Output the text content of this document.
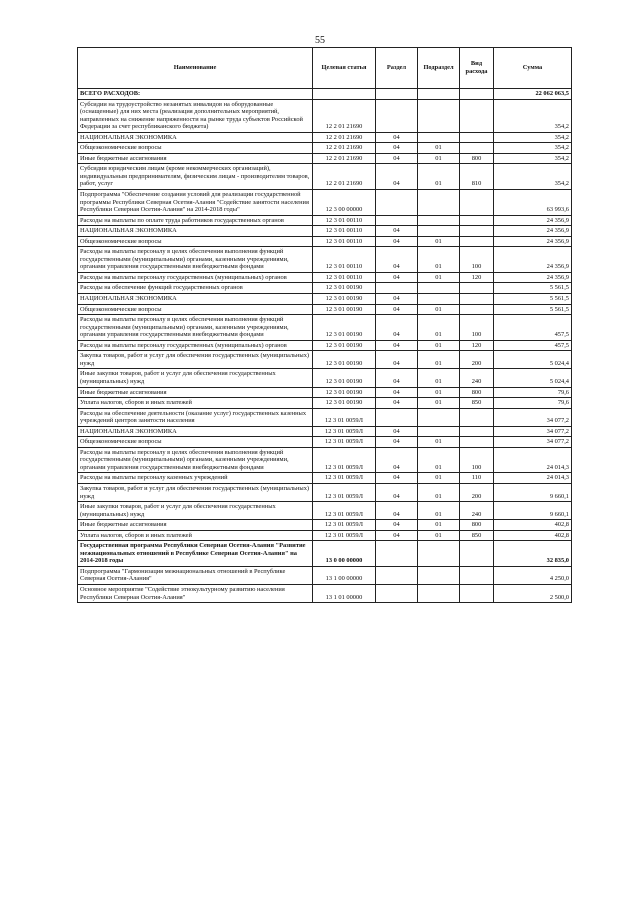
55
Наименование	Целевая статья	Раздел	Подраздел	Вид расхода	Сумма
ВСЕГО РАСХОДОВ:					22 062 063,5
Субсидии на трудоустройство незанятых инвалидов на оборудованные (оснащенные) для них места (реализация дополнительных мероприятий, направленных на снижение напряженности на рынке труда субъектов Российской Федерации за счет республиканского бюджета)	12 2 01 21690				354,2
НАЦИОНАЛЬНАЯ ЭКОНОМИКА	12 2 01 21690	04			354,2
Общеэкономические вопросы	12 2 01 21690	04	01		354,2
Иные бюджетные ассигнования	12 2 01 21690	04	01	800	354,2
Субсидии юридическим лицам (кроме некоммерческих организаций), индивидуальным предпринимателям, физическим лицам - производителям товаров, работ, услуг	12 2 01 21690	04	01	810	354,2
Подпрограмма "Обеспечение создания условий для реализации государственной программы Республики Северная Осетия-Алания "Содействие занятости населения Республики Северная Осетия-Алания" на 2014-2018 годы"	12 3 00 00000				63 993,6
Расходы на выплаты по оплате труда работников государственных органов	12 3 01 00110				24 356,9
НАЦИОНАЛЬНАЯ ЭКОНОМИКА	12 3 01 00110	04			24 356,9
Общеэкономические вопросы	12 3 01 00110	04	01		24 356,9
Расходы на выплаты персоналу в целях обеспечения выполнения функций государственными (муниципальными) органами, казенными учреждениями, органами управления государственными внебюджетными фондами	12 3 01 00110	04	01	100	24 356,9
Расходы на выплаты персоналу государственных (муниципальных) органов	12 3 01 00110	04	01	120	24 356,9
Расходы на обеспечение функций государственных органов	12 3 01 00190				5 561,5
НАЦИОНАЛЬНАЯ ЭКОНОМИКА	12 3 01 00190	04			5 561,5
Общеэкономические вопросы	12 3 01 00190	04	01		5 561,5
Расходы на выплаты персоналу в целях обеспечения выполнения функций государственными (муниципальными) органами, казенными учреждениями, органами управления государственными внебюджетными фондами	12 3 01 00190	04	01	100	457,5
Расходы на выплаты персоналу государственных (муниципальных) органов	12 3 01 00190	04	01	120	457,5
Закупка товаров, работ и услуг для обеспечения государственных (муниципальных) нужд	12 3 01 00190	04	01	200	5 024,4
Иные закупки товаров, работ и услуг для обеспечения государственных (муниципальных) нужд	12 3 01 00190	04	01	240	5 024,4
Иные бюджетные ассигнования	12 3 01 00190	04	01	800	79,6
Уплата налогов, сборов и иных платежей	12 3 01 00190	04	01	850	79,6
Расходы на обеспечение деятельности (оказание услуг) государственных казенных учреждений центров занятости населения	12 3 01 0059Л				34 077,2
НАЦИОНАЛЬНАЯ ЭКОНОМИКА	12 3 01 0059Л	04			34 077,2
Общеэкономические вопросы	12 3 01 0059Л	04	01		34 077,2
Расходы на выплаты персоналу в целях обеспечения выполнения функций государственными (муниципальными) органами, казенными учреждениями, органами управления государственными внебюджетными фондами	12 3 01 0059Л	04	01	100	24 014,3
Расходы на выплаты персоналу казенных учреждений	12 3 01 0059Л	04	01	110	24 014,3
Закупка товаров, работ и услуг для обеспечения государственных (муниципальных) нужд	12 3 01 0059Л	04	01	200	9 660,1
Иные закупки товаров, работ и услуг для обеспечения государственных (муниципальных) нужд	12 3 01 0059Л	04	01	240	9 660,1
Иные бюджетные ассигнования	12 3 01 0059Л	04	01	800	402,8
Уплата налогов, сборов и иных платежей	12 3 01 0059Л	04	01	850	402,8
Государственная программа Республики Северная Осетия-Алания "Развитие межнациональных отношений в Республике Северная Осетия-Алания" на 2014-2018 годы	13 0 00 00000				32 835,0
Подпрограмма "Гармонизация межнациональных отношений в Республике Северная Осетия-Алания"	13 1 00 00000				4 250,0
Основное мероприятие "Содействие этнокультурному развитию населения Республики Северная Осетия-Алания"	13 1 01 00000				2 500,0
